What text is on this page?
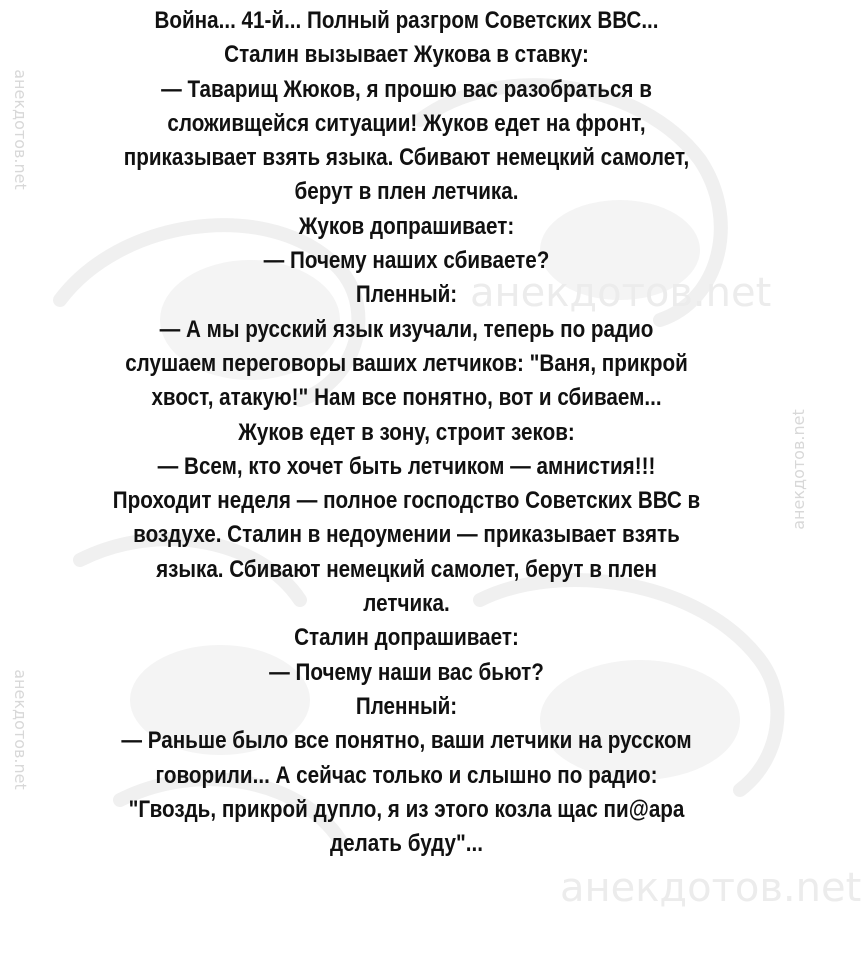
анекдотов.net
анекдотов.net
анекдотов.net
анекдотов.net
анекдотов.net
Война... 41-й... Полный разгром Советских ВВС...
Сталин вызывает Жукова в ставку:
— Таварищ Жюков, я прошю вас разобраться в
сложивщейся ситуации! Жуков едет на фронт,
приказывает взять языка. Сбивают немецкий самолет,
берут в плен летчика.
Жуков допрашивает:
— Почему наших сбиваете?
Пленный:
— А мы русский язык изучали, теперь по радио
слушаем переговоры ваших летчиков: "Ваня, прикрой
хвост, атакую!" Нам все понятно, вот и сбиваем...
Жуков едет в зону, строит зеков:
— Всем, кто хочет быть летчиком — амнистия!!!
Проходит неделя — полное господство Советских ВВС в
воздухе. Сталин в недоумении — приказывает взять
языка. Сбивают немецкий самолет, берут в плен
летчика.
Сталин допрашивает:
— Почему наши вас бьют?
Пленный:
— Раньше было все понятно, ваши летчики на русском
говорили... А сейчас только и слышно по радио:
"Гвоздь, прикрой дупло, я из этого козла щас пи@ара
делать буду"...
